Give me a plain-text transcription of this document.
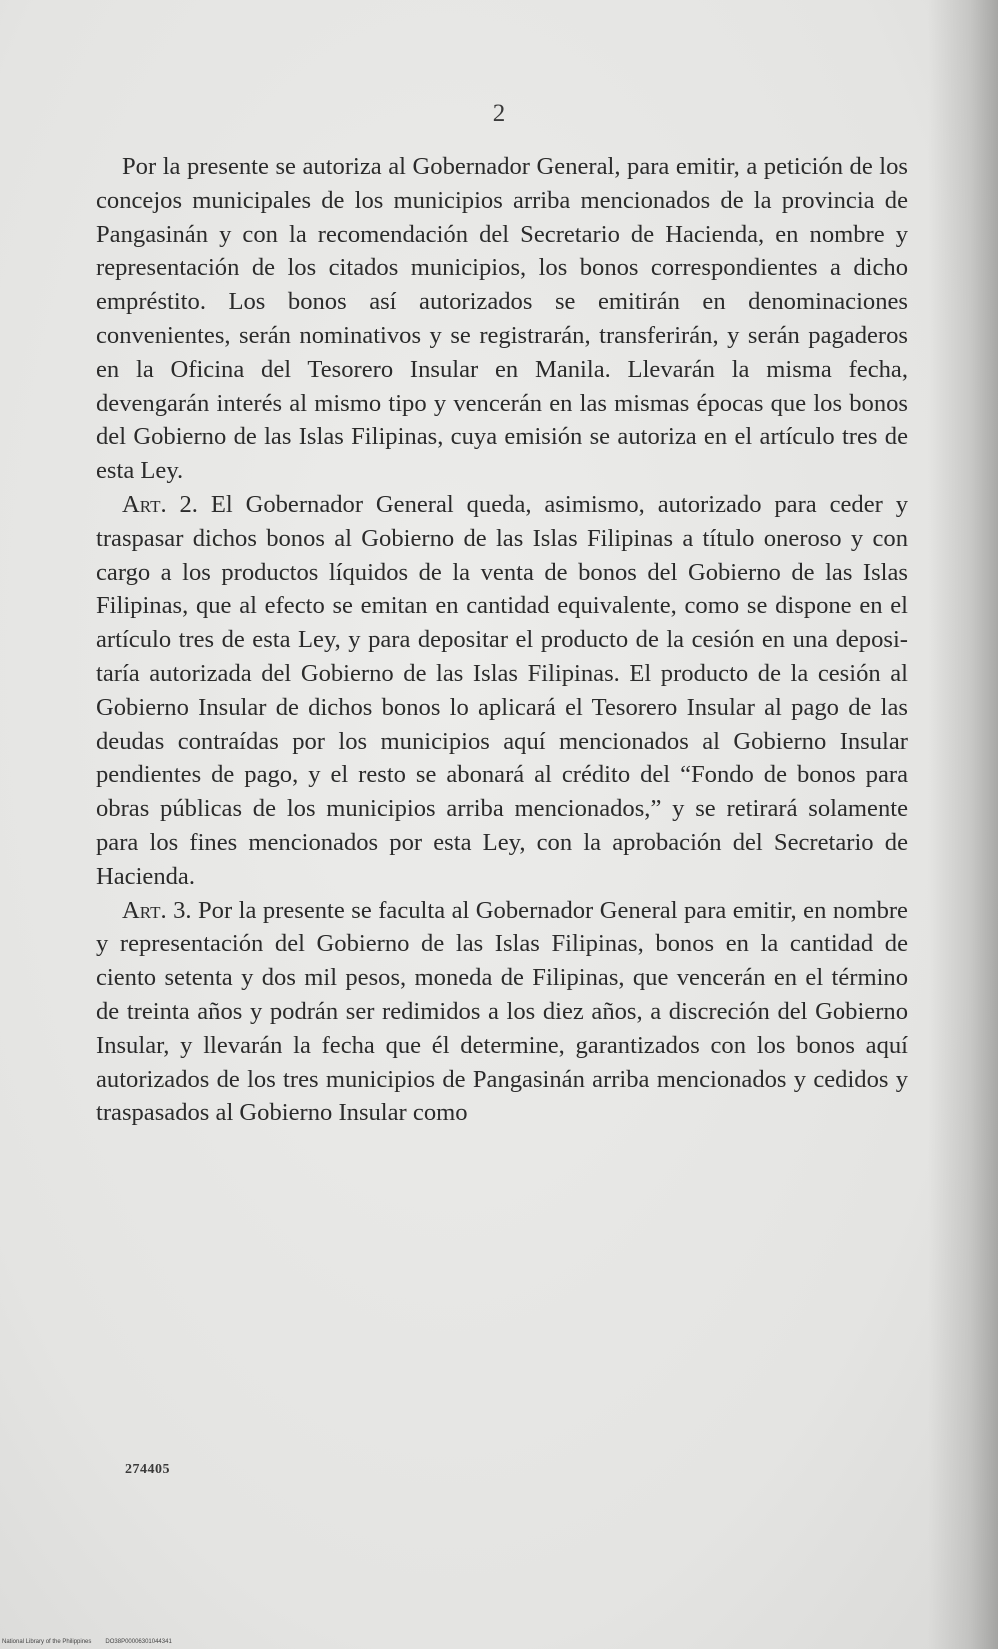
2

Por la presente se autoriza al Gobernador General, para emitir, a petición de los concejos municipales de los municipios arriba mencionados de la provincia de Pangasinán y con la recomendación del Secretario de Hacienda, en nombre y representación de los citados municipios, los bonos correspondientes a dicho empréstito. Los bonos así autorizados se emitirán en denominaciones convenientes, serán nominativos y se registrarán, transferirán, y serán pagaderos en la Oficina del Tesorero Insular en Manila. Llevarán la misma fecha, devengarán interés al mismo tipo y vencerán en las mismas épocas que los bonos del Gobierno de las Islas Filipinas, cuya emisión se autoriza en el artículo tres de esta Ley.

Art. 2. El Gobernador General queda, asimismo, autorizado para ceder y traspasar dichos bonos al Gobierno de las Islas Filipinas a título oneroso y con cargo a los productos líquidos de la venta de bonos del Gobierno de las Islas Filipinas, que al efecto se emitan en cantidad equivalente, como se dispone en el artículo tres de esta Ley, y para depositar el producto de la cesión en una depositaría autorizada del Gobierno de las Islas Filipinas. El producto de la cesión al Gobierno Insular de dichos bonos lo aplicará el Tesorero Insular al pago de las deudas contraídas por los municipios aquí mencionados al Gobierno Insular pendientes de pago, y el resto se abonará al crédito del “Fondo de bonos para obras públicas de los municipios arriba mencionados,” y se retirará solamente para los fines mencionados por esta Ley, con la aprobación del Secretario de Hacienda.

Art. 3. Por la presente se faculta al Gobernador General para emitir, en nombre y representación del Gobierno de las Islas Filipinas, bonos en la cantidad de ciento setenta y dos mil pesos, moneda de Filipinas, que vencerán en el término de treinta años y podrán ser redimidos a los diez años, a discreción del Gobierno Insular, y llevarán la fecha que él determine, garantizados con los bonos aquí autorizados de los tres municipios de Pangasinán arriba mencionados y cedidos y traspasados al Gobierno Insular como

274405
National Library of the Philippines DO38P00006301044341
